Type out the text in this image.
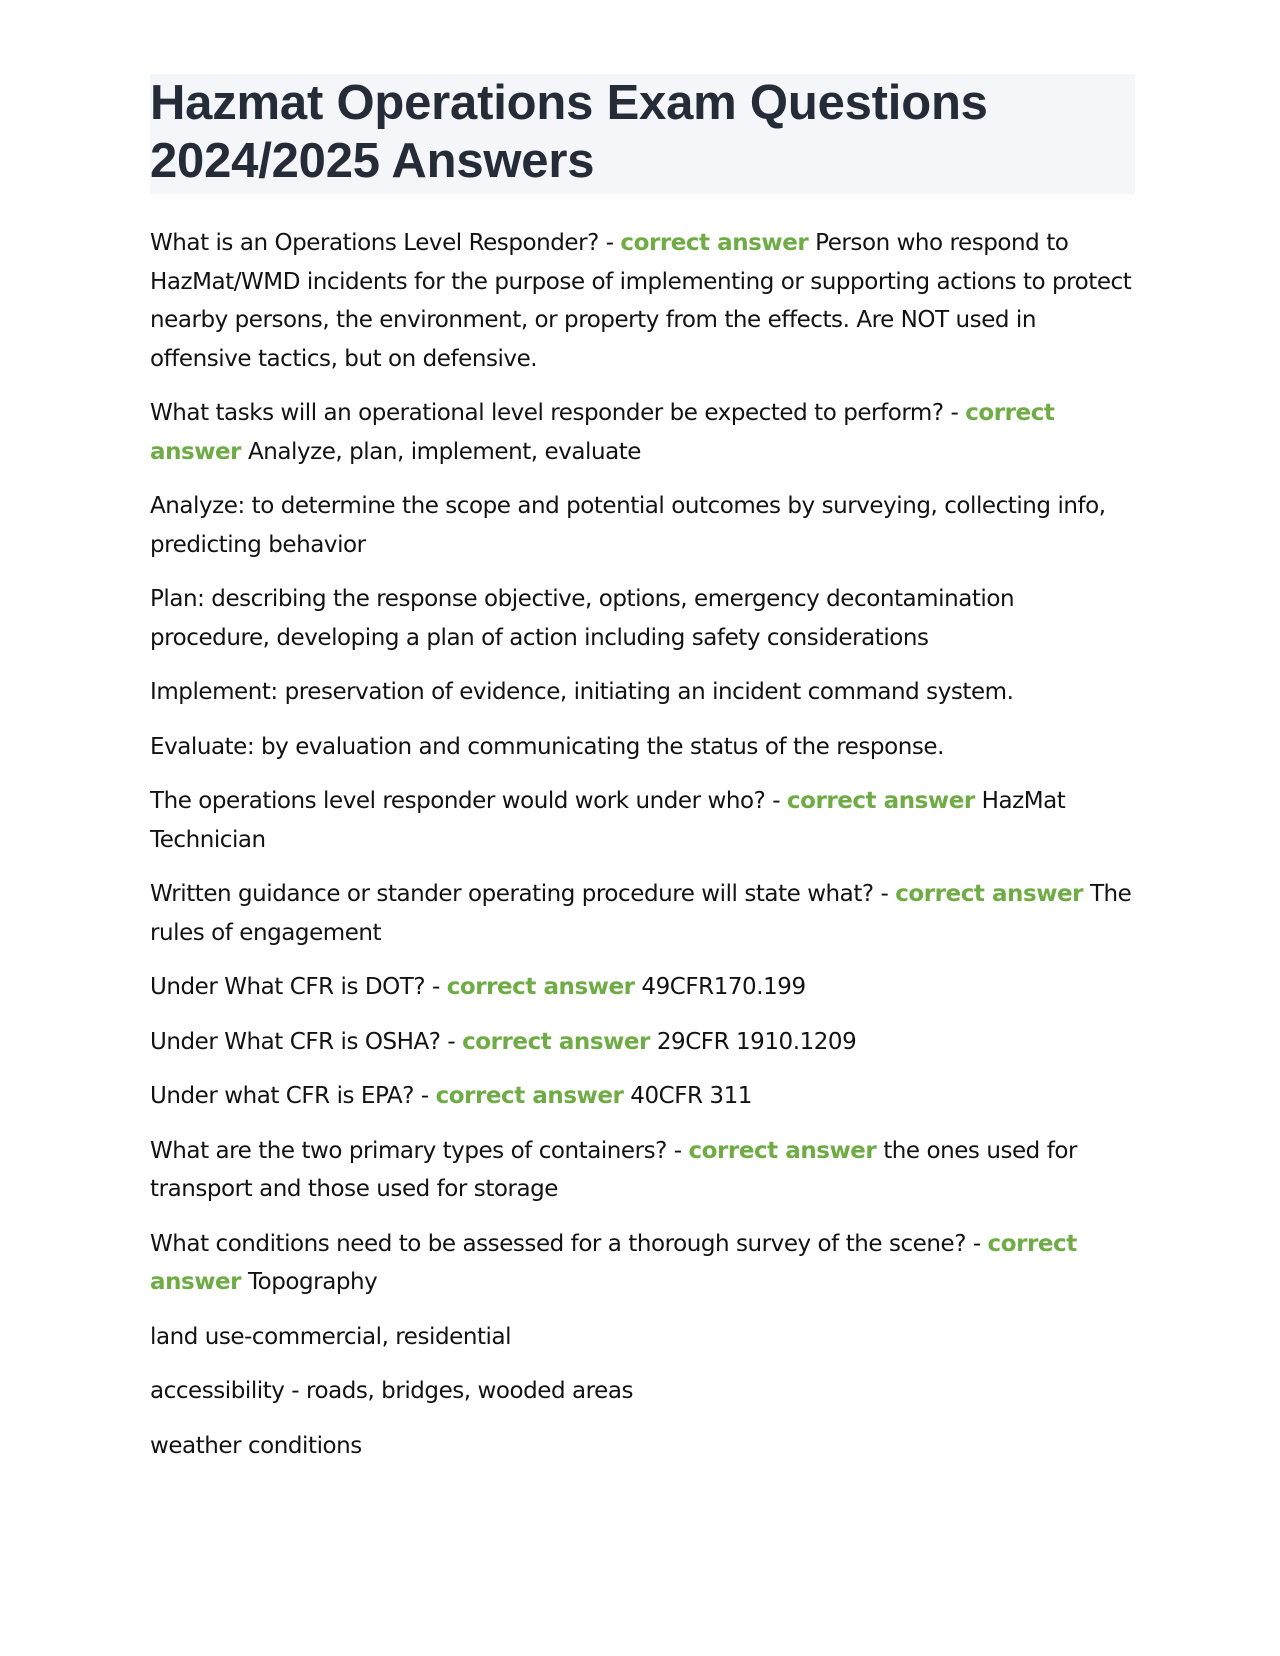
Hazmat Operations Exam Questions 2024/2025 Answers

What is an Operations Level Responder? - correct answer Person who respond to HazMat/WMD incidents for the purpose of implementing or supporting actions to protect nearby persons, the environment, or property from the effects. Are NOT used in offensive tactics, but on defensive.

What tasks will an operational level responder be expected to perform? - correct answer Analyze, plan, implement, evaluate

Analyze: to determine the scope and potential outcomes by surveying, collecting info, predicting behavior

Plan: describing the response objective, options, emergency decontamination procedure, developing a plan of action including safety considerations

Implement: preservation of evidence, initiating an incident command system.

Evaluate: by evaluation and communicating the status of the response.

The operations level responder would work under who? - correct answer HazMat Technician

Written guidance or stander operating procedure will state what? - correct answer The rules of engagement

Under What CFR is DOT? - correct answer 49CFR170.199

Under What CFR is OSHA? - correct answer 29CFR 1910.1209

Under what CFR is EPA? - correct answer 40CFR 311

What are the two primary types of containers? - correct answer the ones used for transport and those used for storage

What conditions need to be assessed for a thorough survey of the scene? - correct answer Topography

land use-commercial, residential

accessibility - roads, bridges, wooded areas

weather conditions
